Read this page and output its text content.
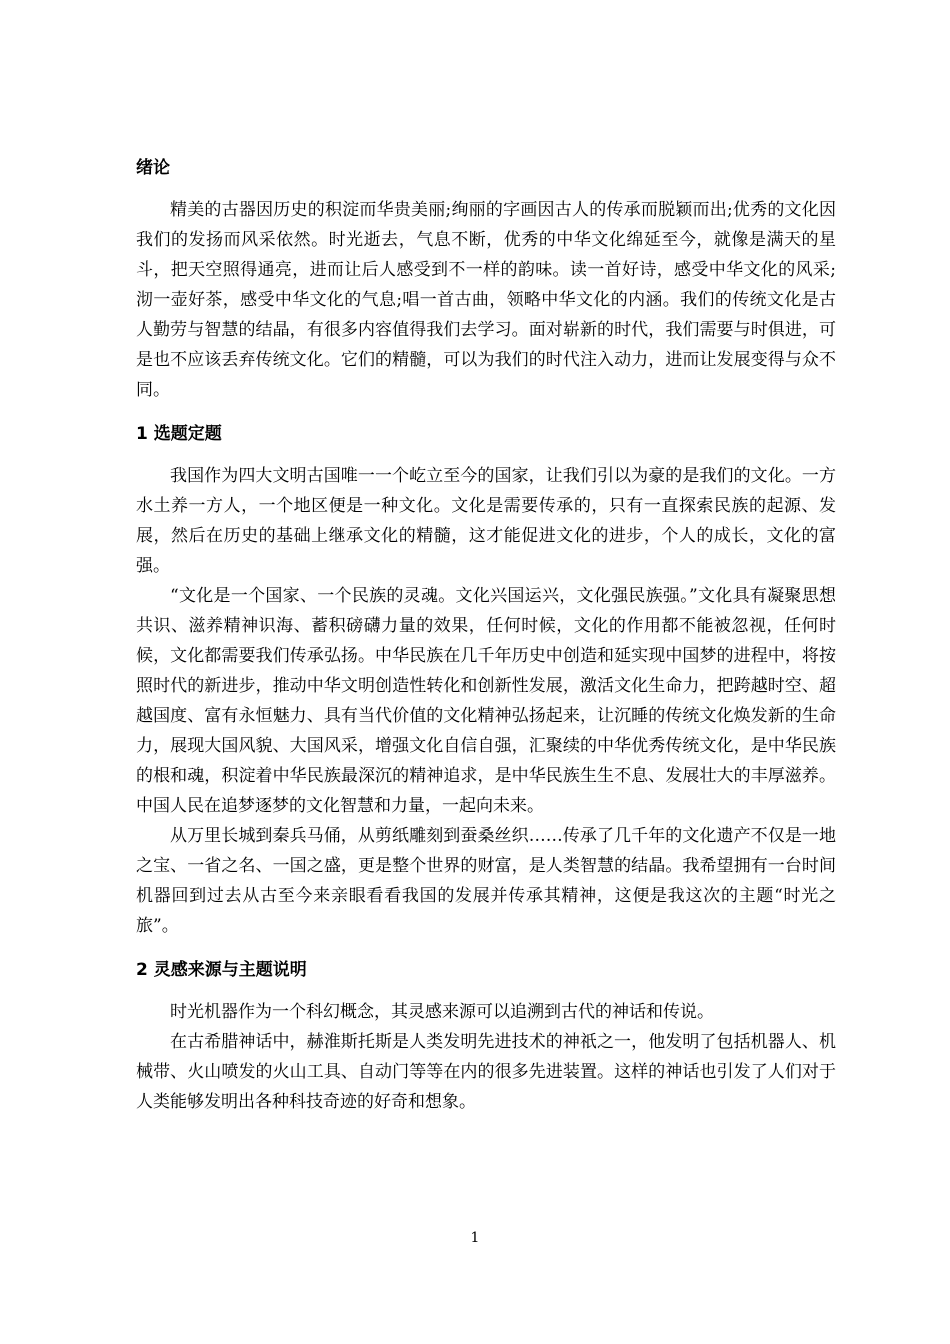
绪论

精美的古器因历史的积淀而华贵美丽;绚丽的字画因古人的传承而脱颖而出;优秀的文化因我们的发扬而风采依然。时光逝去，气息不断，优秀的中华文化绵延至今，就像是满天的星斗，把天空照得通亮，进而让后人感受到不一样的韵味。读一首好诗，感受中华文化的风采;沏一壶好茶，感受中华文化的气息;唱一首古曲，领略中华文化的内涵。我们的传统文化是古人勤劳与智慧的结晶，有很多内容值得我们去学习。面对崭新的时代，我们需要与时俱进，可是也不应该丢弃传统文化。它们的精髓，可以为我们的时代注入动力，进而让发展变得与众不同。

1 选题定题

我国作为四大文明古国唯一一个屹立至今的国家，让我们引以为豪的是我们的文化。一方水土养一方人，一个地区便是一种文化。文化是需要传承的，只有一直探索民族的起源、发展，然后在历史的基础上继承文化的精髓，这才能促进文化的进步，个人的成长，文化的富强。

“文化是一个国家、一个民族的灵魂。文化兴国运兴，文化强民族强。”文化具有凝聚思想共识、滋养精神识海、蓄积磅礴力量的效果，任何时候，文化的作用都不能被忽视，任何时候，文化都需要我们传承弘扬。中华民族在几千年历史中创造和延实现中国梦的进程中，将按照时代的新进步，推动中华文明创造性转化和创新性发展，激活文化生命力，把跨越时空、超越国度、富有永恒魅力、具有当代价值的文化精神弘扬起来，让沉睡的传统文化焕发新的生命力，展现大国风貌、大国风采，增强文化自信自强，汇聚续的中华优秀传统文化，是中华民族的根和魂，积淀着中华民族最深沉的精神追求，是中华民族生生不息、发展壮大的丰厚滋养。中国人民在追梦逐梦的文化智慧和力量，一起向未来。

从万里长城到秦兵马俑，从剪纸雕刻到蚕桑丝织……传承了几千年的文化遗产不仅是一地之宝、一省之名、一国之盛，更是整个世界的财富，是人类智慧的结晶。我希望拥有一台时间机器回到过去从古至今来亲眼看看我国的发展并传承其精神，这便是我这次的主题“时光之旅”。

2 灵感来源与主题说明

时光机器作为一个科幻概念，其灵感来源可以追溯到古代的神话和传说。

在古希腊神话中，赫淮斯托斯是人类发明先进技术的神祇之一，他发明了包括机器人、机械带、火山喷发的火山工具、自动门等等在内的很多先进装置。这样的神话也引发了人们对于人类能够发明出各种科技奇迹的好奇和想象。

1
